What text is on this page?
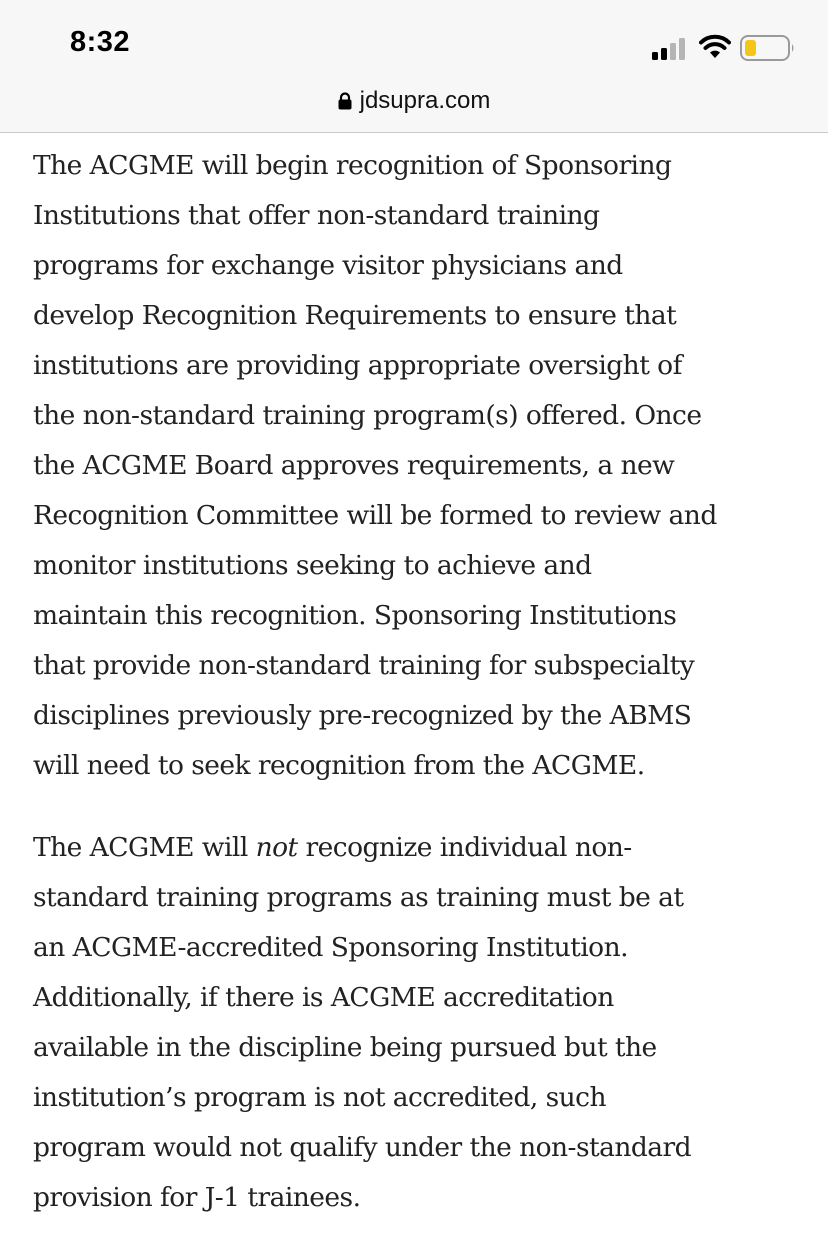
8:32
jdsupra.com

The ACGME will begin recognition of Sponsoring
Institutions that offer non-standard training
programs for exchange visitor physicians and
develop Recognition Requirements to ensure that
institutions are providing appropriate oversight of
the non-standard training program(s) offered. Once
the ACGME Board approves requirements, a new
Recognition Committee will be formed to review and
monitor institutions seeking to achieve and
maintain this recognition. Sponsoring Institutions
that provide non-standard training for subspecialty
disciplines previously pre-recognized by the ABMS
will need to seek recognition from the ACGME.

The ACGME will not recognize individual non-
standard training programs as training must be at
an ACGME-accredited Sponsoring Institution.
Additionally, if there is ACGME accreditation
available in the discipline being pursued but the
institution’s program is not accredited, such
program would not qualify under the non-standard
provision for J-1 trainees.
